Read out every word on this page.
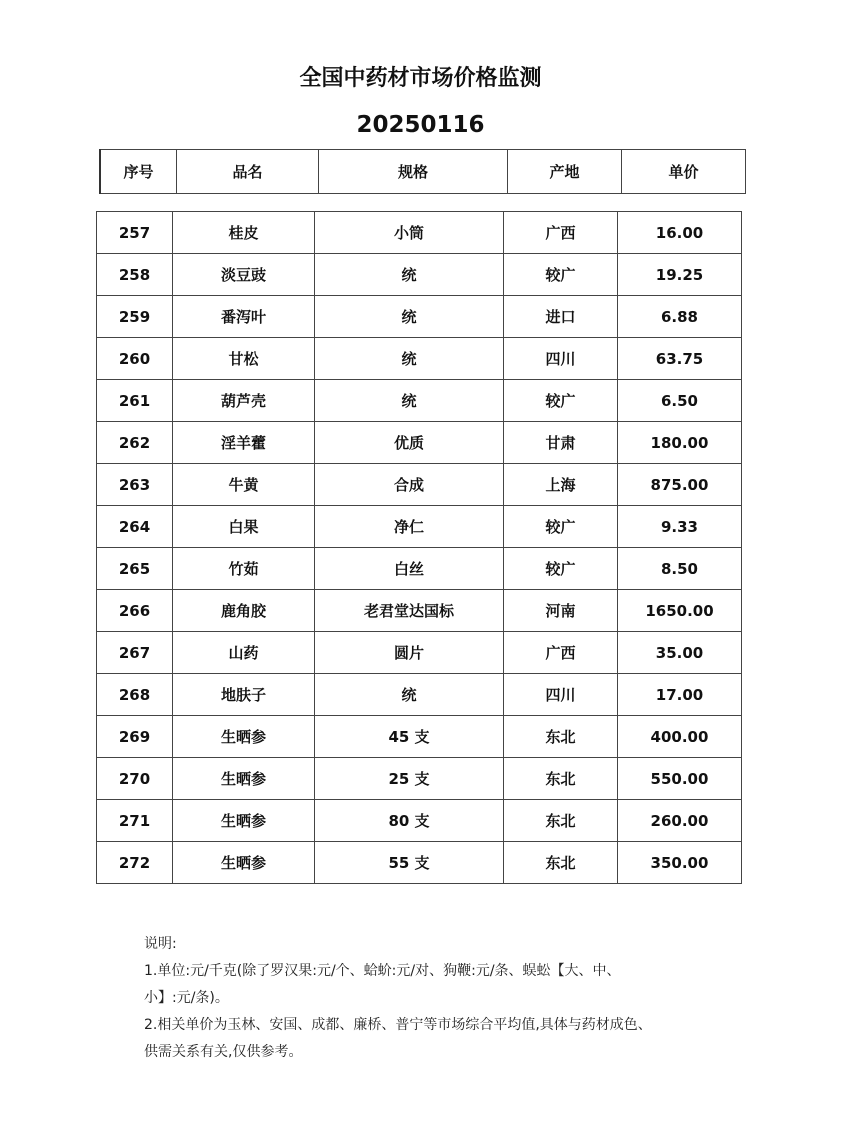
全国中药材市场价格监测
20250116
序号	品名	规格	产地	单价
257	桂皮	小筒	广西	16.00
258	淡豆豉	统	较广	19.25
259	番泻叶	统	进口	6.88
260	甘松	统	四川	63.75
261	葫芦壳	统	较广	6.50
262	淫羊藿	优质	甘肃	180.00
263	牛黄	合成	上海	875.00
264	白果	净仁	较广	9.33
265	竹茹	白丝	较广	8.50
266	鹿角胶	老君堂达国标	河南	1650.00
267	山药	圆片	广西	35.00
268	地肤子	统	四川	17.00
269	生晒参	45 支	东北	400.00
270	生晒参	25 支	东北	550.00
271	生晒参	80 支	东北	260.00
272	生晒参	55 支	东北	350.00
说明:
1.单位:元/千克(除了罗汉果:元/个、蛤蚧:元/对、狗鞭:元/条、蜈蚣【大、中、
小】:元/条)。
2.相关单价为玉林、安国、成都、廉桥、普宁等市场综合平均值,具体与药材成色、
供需关系有关,仅供参考。
